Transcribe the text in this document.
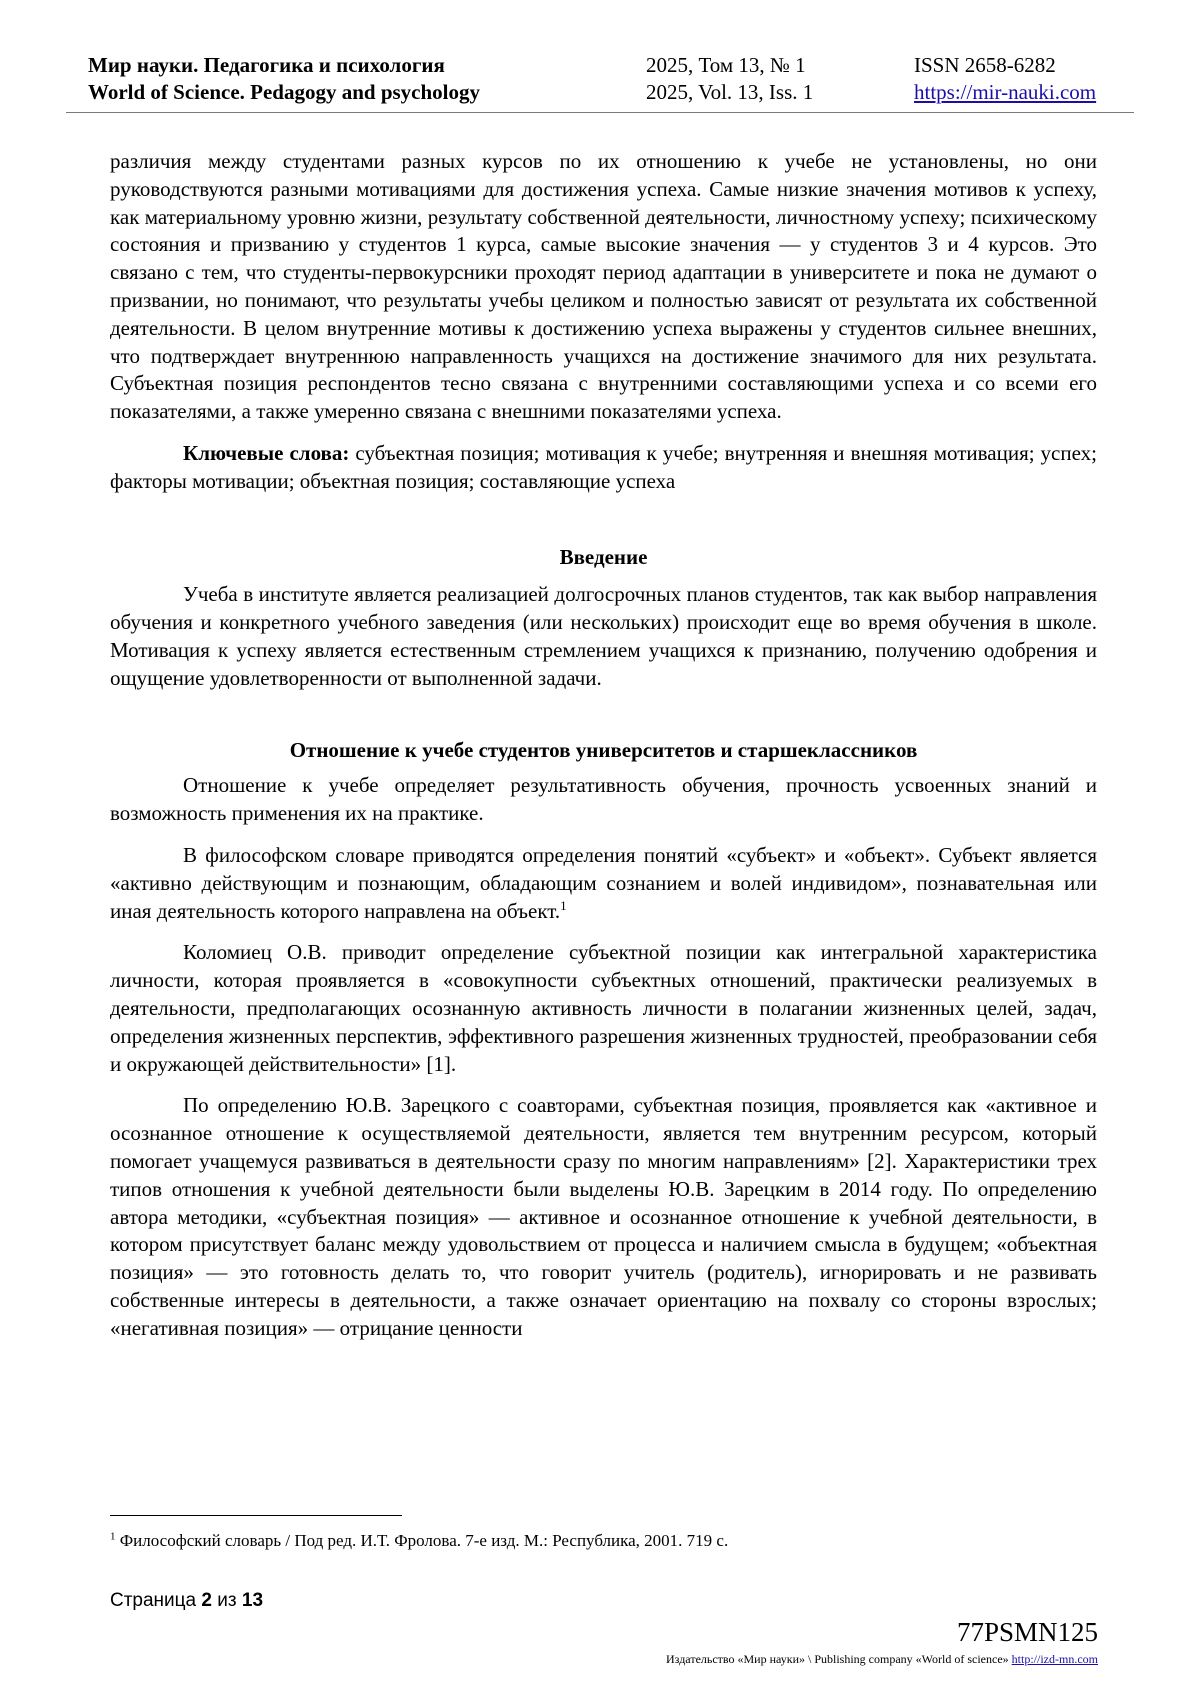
Мир науки. Педагогика и психология
World of Science. Pedagogy and psychology
2025, Том 13, № 1
2025, Vol. 13, Iss. 1
ISSN 2658-6282
https://mir-nauki.com

различия между студентами разных курсов по их отношению к учебе не установлены, но они руководствуются разными мотивациями для достижения успеха. Самые низкие значения мотивов к успеху, как материальному уровню жизни, результату собственной деятельности, личностному успеху; психическому состояния и призванию у студентов 1 курса, самые высокие значения — у студентов 3 и 4 курсов. Это связано с тем, что студенты-первокурсники проходят период адаптации в университете и пока не думают о призвании, но понимают, что результаты учебы целиком и полностью зависят от результата их собственной деятельности. В целом внутренние мотивы к достижению успеха выражены у студентов сильнее внешних, что подтверждает внутреннюю направленность учащихся на достижение значимого для них результата. Субъектная позиция респондентов тесно связана с внутренними составляющими успеха и со всеми его показателями, а также умеренно связана с внешними показателями успеха.

Ключевые слова: субъектная позиция; мотивация к учебе; внутренняя и внешняя мотивация; успех; факторы мотивации; объектная позиция; составляющие успеха

Введение

Учеба в институте является реализацией долгосрочных планов студентов, так как выбор направления обучения и конкретного учебного заведения (или нескольких) происходит еще во время обучения в школе. Мотивация к успеху является естественным стремлением учащихся к признанию, получению одобрения и ощущение удовлетворенности от выполненной задачи.

Отношение к учебе студентов университетов и старшеклассников

Отношение к учебе определяет результативность обучения, прочность усвоенных знаний и возможность применения их на практике.

В философском словаре приводятся определения понятий «субъект» и «объект». Субъект является «активно действующим и познающим, обладающим сознанием и волей индивидом», познавательная или иная деятельность которого направлена на объект.$^1$

Коломиец О.В. приводит определение субъектной позиции как интегральной характеристика личности, которая проявляется в «совокупности субъектных отношений, практически реализуемых в деятельности, предполагающих осознанную активность личности в полагании жизненных целей, задач, определения жизненных перспектив, эффективного разрешения жизненных трудностей, преобразовании себя и окружающей действительности» [1].

По определению Ю.В. Зарецкого с соавторами, субъектная позиция, проявляется как «активное и осознанное отношение к осуществляемой деятельности, является тем внутренним ресурсом, который помогает учащемуся развиваться в деятельности сразу по многим направлениям» [2]. Характеристики трех типов отношения к учебной деятельности были выделены Ю.В. Зарецким в 2014 году. По определению автора методики, «субъектная позиция» — активное и осознанное отношение к учебной деятельности, в котором присутствует баланс между удовольствием от процесса и наличием смысла в будущем; «объектная позиция» — это готовность делать то, что говорит учитель (родитель), игнорировать и не развивать собственные интересы в деятельности, а также означает ориентацию на похвалу со стороны взрослых; «негативная позиция» — отрицание ценности

$^1$ Философский словарь / Под ред. И.Т. Фролова. 7-е изд. М.: Республика, 2001. 719 с.
Страница 2 из 13
77PSMN125
Издательство «Мир науки» \ Publishing company «World of science» http://izd-mn.com
